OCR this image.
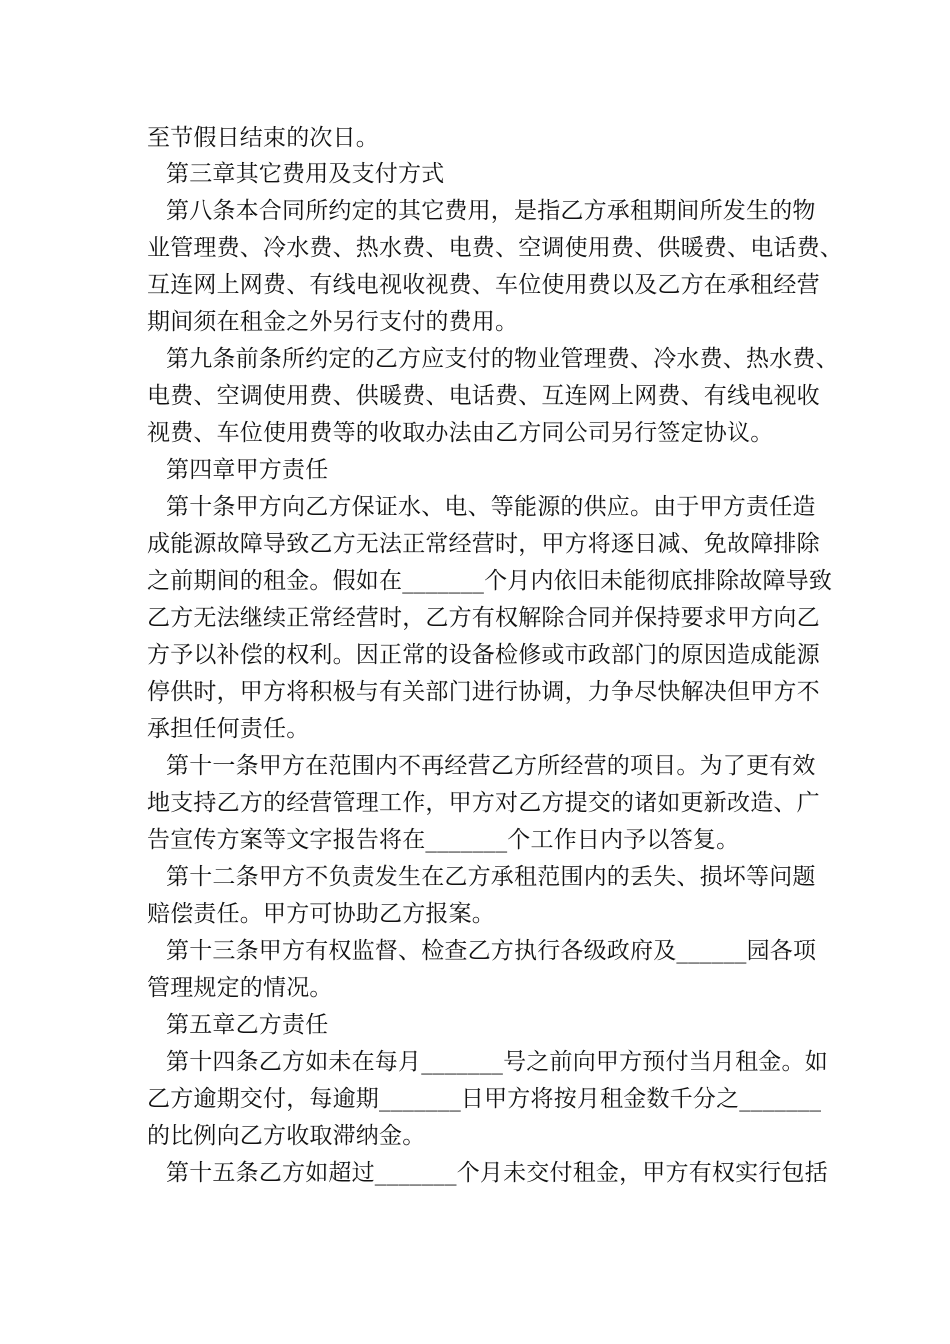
至节假日结束的次日。
第三章其它费用及支付方式
第八条本合同所约定的其它费用，是指乙方承租期间所发生的物
业管理费、冷水费、热水费、电费、空调使用费、供暖费、电话费、
互连网上网费、有线电视收视费、车位使用费以及乙方在承租经营
期间须在租金之外另行支付的费用。
第九条前条所约定的乙方应支付的物业管理费、冷水费、热水费、
电费、空调使用费、供暖费、电话费、互连网上网费、有线电视收
视费、车位使用费等的收取办法由乙方同公司另行签定协议。
第四章甲方责任
第十条甲方向乙方保证水、电、等能源的供应。由于甲方责任造
成能源故障导致乙方无法正常经营时，甲方将逐日减、免故障排除
之前期间的租金。假如在_______个月内依旧未能彻底排除故障导致
乙方无法继续正常经营时，乙方有权解除合同并保持要求甲方向乙
方予以补偿的权利。因正常的设备检修或市政部门的原因造成能源
停供时，甲方将积极与有关部门进行协调，力争尽快解决但甲方不
承担任何责任。
第十一条甲方在范围内不再经营乙方所经营的项目。为了更有效
地支持乙方的经营管理工作，甲方对乙方提交的诸如更新改造、广
告宣传方案等文字报告将在_______个工作日内予以答复。
第十二条甲方不负责发生在乙方承租范围内的丢失、损坏等问题
赔偿责任。甲方可协助乙方报案。
第十三条甲方有权监督、检查乙方执行各级政府及______园各项
管理规定的情况。
第五章乙方责任
第十四条乙方如未在每月_______号之前向甲方预付当月租金。如
乙方逾期交付，每逾期_______日甲方将按月租金数千分之_______
的比例向乙方收取滞纳金。
第十五条乙方如超过_______个月未交付租金，甲方有权实行包括
